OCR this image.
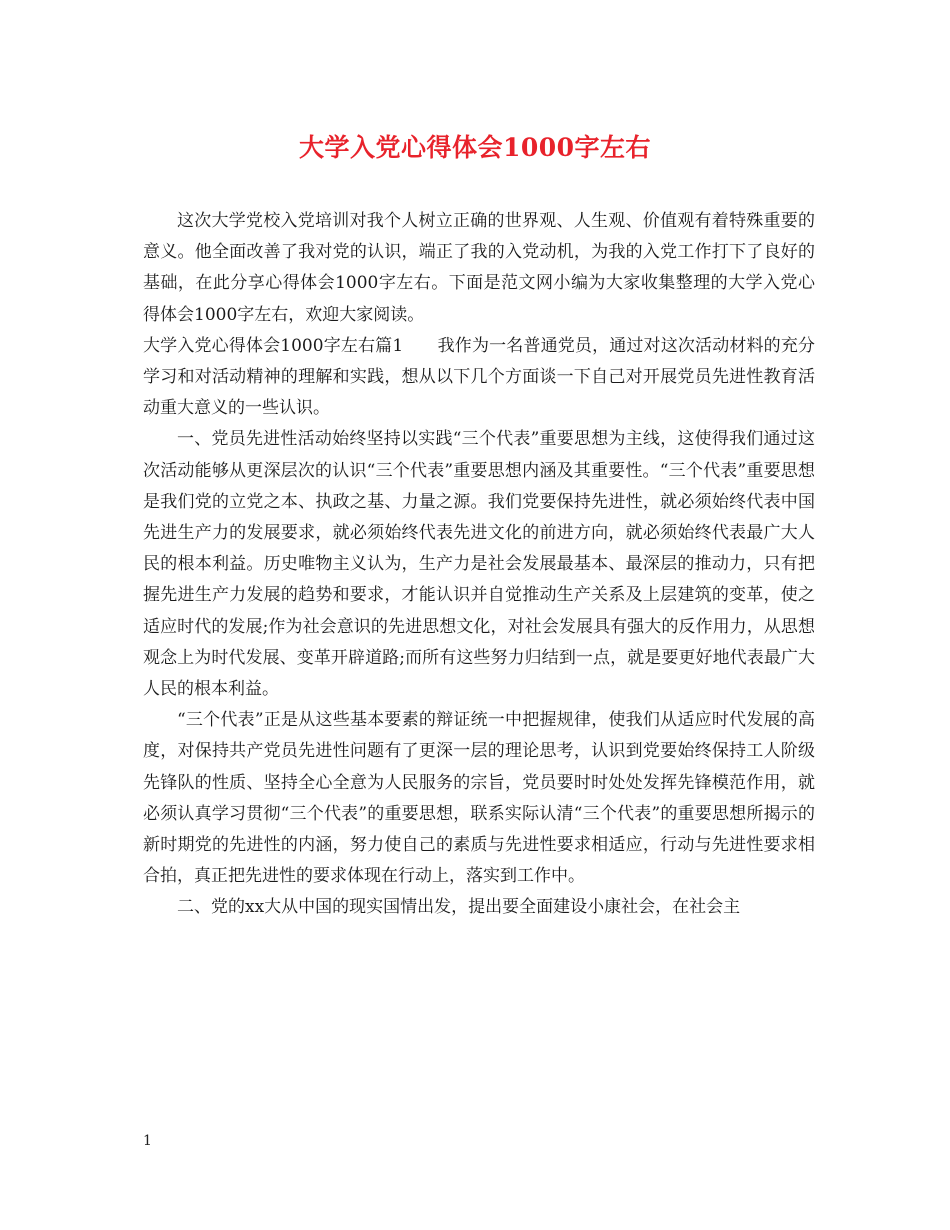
大学入党心得体会1000字左右

这次大学党校入党培训对我个人树立正确的世界观、人生观、价值观有着特殊重要的意义。他全面改善了我对党的认识，端正了我的入党动机，为我的入党工作打下了良好的基础，在此分享心得体会1000字左右。下面是范文网小编为大家收集整理的大学入党心得体会1000字左右，欢迎大家阅读。

大学入党心得体会1000字左右篇1　　我作为一名普通党员，通过对这次活动材料的充分学习和对活动精神的理解和实践，想从以下几个方面谈一下自己对开展党员先进性教育活动重大意义的一些认识。

一、党员先进性活动始终坚持以实践“三个代表”重要思想为主线，这使得我们通过这次活动能够从更深层次的认识“三个代表”重要思想内涵及其重要性。“三个代表”重要思想是我们党的立党之本、执政之基、力量之源。我们党要保持先进性，就必须始终代表中国先进生产力的发展要求，就必须始终代表先进文化的前进方向，就必须始终代表最广大人民的根本利益。历史唯物主义认为，生产力是社会发展最基本、最深层的推动力，只有把握先进生产力发展的趋势和要求，才能认识并自觉推动生产关系及上层建筑的变革，使之适应时代的发展;作为社会意识的先进思想文化，对社会发展具有强大的反作用力，从思想观念上为时代发展、变革开辟道路;而所有这些努力归结到一点，就是要更好地代表最广大人民的根本利益。

“三个代表”正是从这些基本要素的辩证统一中把握规律，使我们从适应时代发展的高度，对保持共产党员先进性问题有了更深一层的理论思考，认识到党要始终保持工人阶级先锋队的性质、坚持全心全意为人民服务的宗旨，党员要时时处处发挥先锋模范作用，就必须认真学习贯彻“三个代表”的重要思想，联系实际认清“三个代表”的重要思想所揭示的新时期党的先进性的内涵，努力使自己的素质与先进性要求相适应，行动与先进性要求相合拍，真正把先进性的要求体现在行动上，落实到工作中。

二、党的xx大从中国的现实国情出发，提出要全面建设小康社会，在社会主

1
